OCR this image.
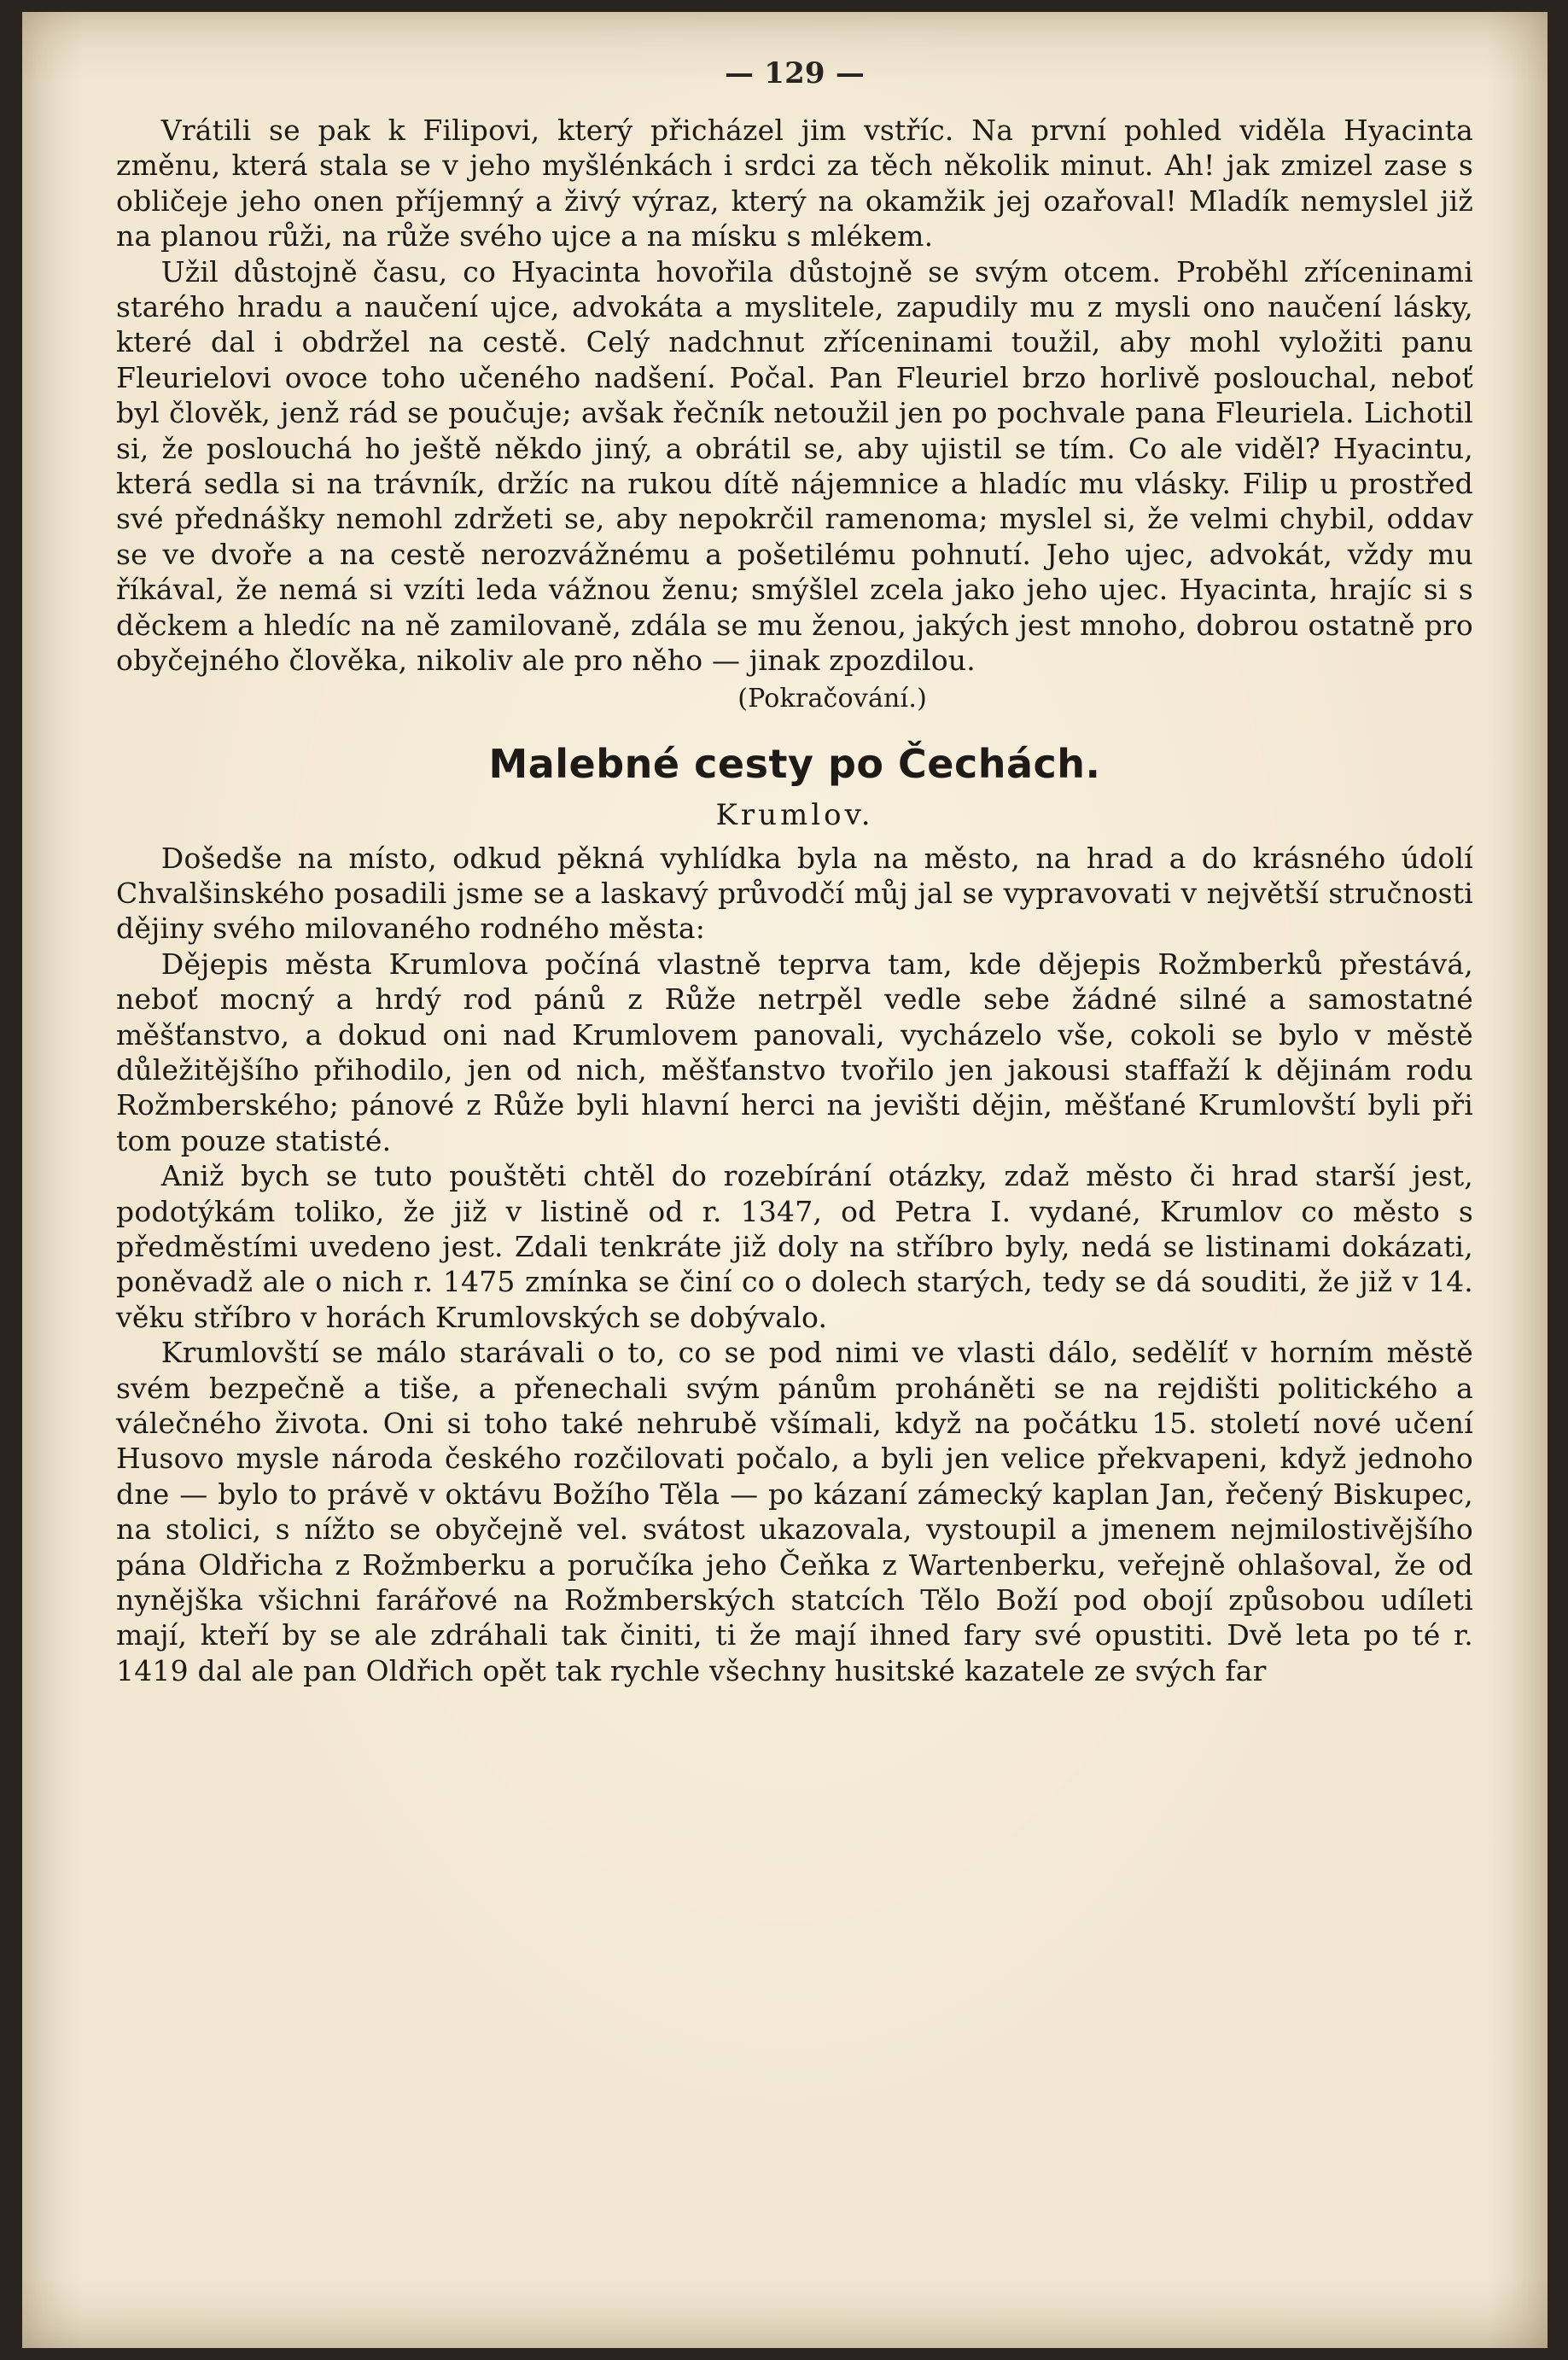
— 129 —

Vrátili se pak k Filipovi, který přicházel jim vstříc. Na první pohled viděla Hyacinta změnu, která stala se v jeho myšlénkách i srdci za těch několik minut. Ah! jak zmizel zase s obličeje jeho onen příjemný a živý výraz, který na okamžik jej ozařoval! Mladík nemyslel již na planou růži, na růže svého ujce a na mísku s mlékem.

Užil důstojně času, co Hyacinta hovořila důstojně se svým otcem. Proběhl zříceninami starého hradu a naučení ujce, advokáta a myslitele, zapudily mu z mysli ono naučení lásky, které dal i obdržel na cestě. Celý nadchnut zříceninami toužil, aby mohl vyložiti panu Fleurielovi ovoce toho učeného nadšení. Počal. Pan Fleuriel brzo horlivě poslouchal, neboť byl člověk, jenž rád se poučuje; avšak řečník netoužil jen po pochvale pana Fleuriela. Lichotil si, že poslouchá ho ještě někdo jiný, a obrátil se, aby ujistil se tím. Co ale viděl? Hyacintu, která sedla si na trávník, držíc na rukou dítě nájemnice a hladíc mu vlásky. Filip u prostřed své přednášky nemohl zdržeti se, aby nepokrčil ramenoma; myslel si, že velmi chybil, oddav se ve dvoře a na cestě nerozvážnému a pošetilému pohnutí. Jeho ujec, advokát, vždy mu říkával, že nemá si vzíti leda vážnou ženu; smýšlel zcela jako jeho ujec. Hyacinta, hrajíc si s děckem a hledíc na ně zamilovaně, zdála se mu ženou, jakých jest mnoho, dobrou ostatně pro obyčejného člověka, nikoliv ale pro něho — jinak zpozdilou.

(Pokračování.)
Malebné cesty po Čechách.
Krumlov.

Došedše na místo, odkud pěkná vyhlídka byla na město, na hrad a do krásného údolí Chvalšinského posadili jsme se a laskavý průvodčí můj jal se vypravovati v největší stručnosti dějiny svého milovaného rodného města:

Dějepis města Krumlova počíná vlastně teprva tam, kde dějepis Rožmberků přestává, neboť mocný a hrdý rod pánů z Růže netrpěl vedle sebe žádné silné a samostatné měšťanstvo, a dokud oni nad Krumlovem panovali, vycházelo vše, cokoli se bylo v městě důležitějšího přihodilo, jen od nich, měšťanstvo tvořilo jen jakousi staffaží k dějinám rodu Rožmberského; pánové z Růže byli hlavní herci na jevišti dějin, měšťané Krumlovští byli při tom pouze statisté.

Aniž bych se tuto pouštěti chtěl do rozebírání otázky, zdaž město či hrad starší jest, podotýkám toliko, že již v listině od r. 1347, od Petra I. vydané, Krumlov co město s předměstími uvedeno jest. Zdali tenkráte již doly na stříbro byly, nedá se listinami dokázati, poněvadž ale o nich r. 1475 zmínka se činí co o dolech starých, tedy se dá souditi, že již v 14. věku stříbro v horách Krumlovských se dobývalo.

Krumlovští se málo starávali o to, co se pod nimi ve vlasti dálo, sedělíť v horním městě svém bezpečně a tiše, a přenechali svým pánům proháněti se na rejdišti politického a válečného života. Oni si toho také nehrubě všímali, když na počátku 15. století nové učení Husovo mysle národa českého rozčilovati počalo, a byli jen velice překvapeni, když jednoho dne — bylo to právě v oktávu Božího Těla — po kázaní zámecký kaplan Jan, řečený Biskupec, na stolici, s nížto se obyčejně vel. svátost ukazovala, vystoupil a jmenem nejmilostivějšího pána Oldřicha z Rožmberku a poručíka jeho Čeňka z Wartenberku, veřejně ohlašoval, že od nynějška všichni farářové na Rožmberských statcích Tělo Boží pod obojí způsobou udíleti mají, kteří by se ale zdráhali tak činiti, ti že mají ihned fary své opustiti. Dvě leta po té r. 1419 dal ale pan Oldřich opět tak rychle všechny husitské kazatele ze svých far
